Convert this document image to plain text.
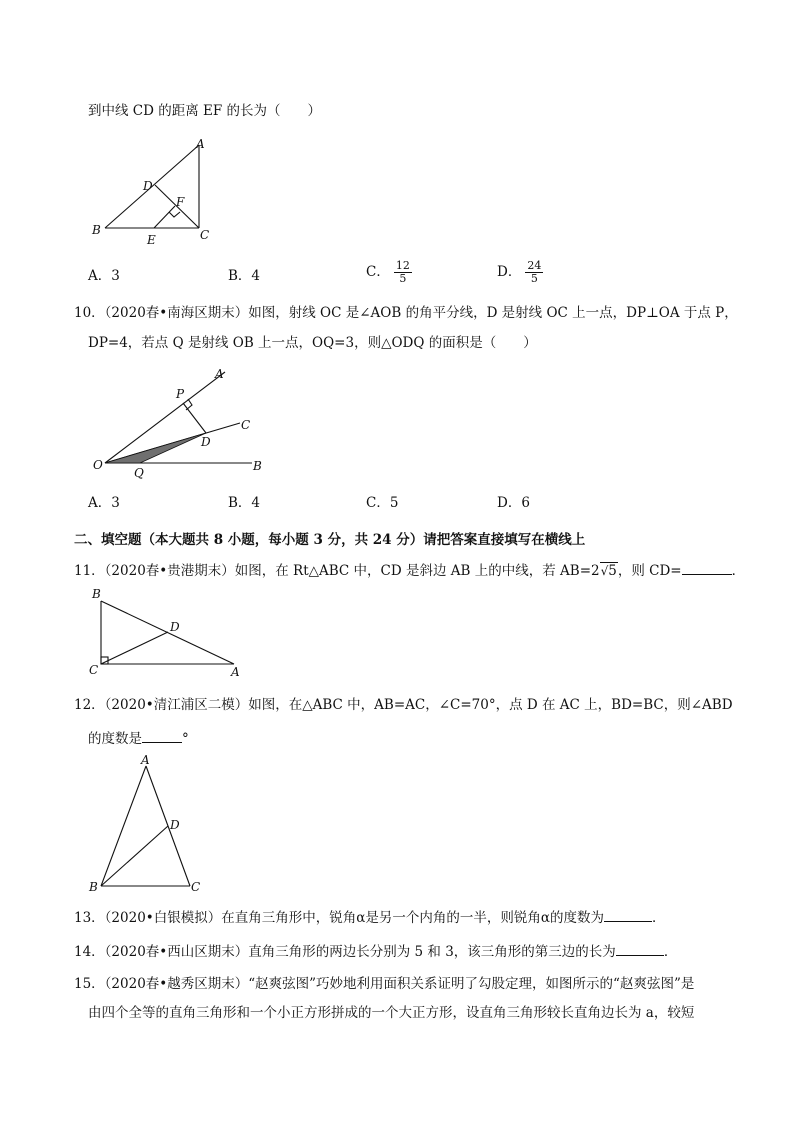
到中线 CD 的距离 EF 的长为（　　）
A
D
F
B
E	C
A．3	B．4	C． $\frac{12}{5}$	D． $\frac{24}{5}$
10．（2020春•南海区期末）如图，射线 OC 是∠AOB 的角平分线，D 是射线 OC 上一点，DP⊥OA 于点 P，
DP=4，若点 Q 是射线 OB 上一点，OQ=3，则△ODQ 的面积是（　　）
A
P
C
D
O
Q	B
A．3	B．4	C．5	D．6
二、填空题（本大题共 8 小题，每小题 3 分，共 24 分）请把答案直接填写在横线上
11．（2020春•贵港期末）如图，在 Rt△ABC 中，CD 是斜边 AB 上的中线，若 AB=2√5，则 CD=	．
B
D
C	A
12．（2020•清江浦区二模）如图，在△ABC 中，AB=AC，∠C=70°，点 D 在 AC 上，BD=BC，则∠ABD
的度数是	°
A
D
B	C
13．（2020•白银模拟）在直角三角形中，锐角α是另一个内角的一半，则锐角α的度数为	．
14．（2020春•西山区期末）直角三角形的两边长分别为 5 和 3，该三角形的第三边的长为	．
15．（2020春•越秀区期末）“赵爽弦图”巧妙地利用面积关系证明了勾股定理，如图所示的“赵爽弦图”是
由四个全等的直角三角形和一个小正方形拼成的一个大正方形，设直角三角形较长直角边长为 a，较短
